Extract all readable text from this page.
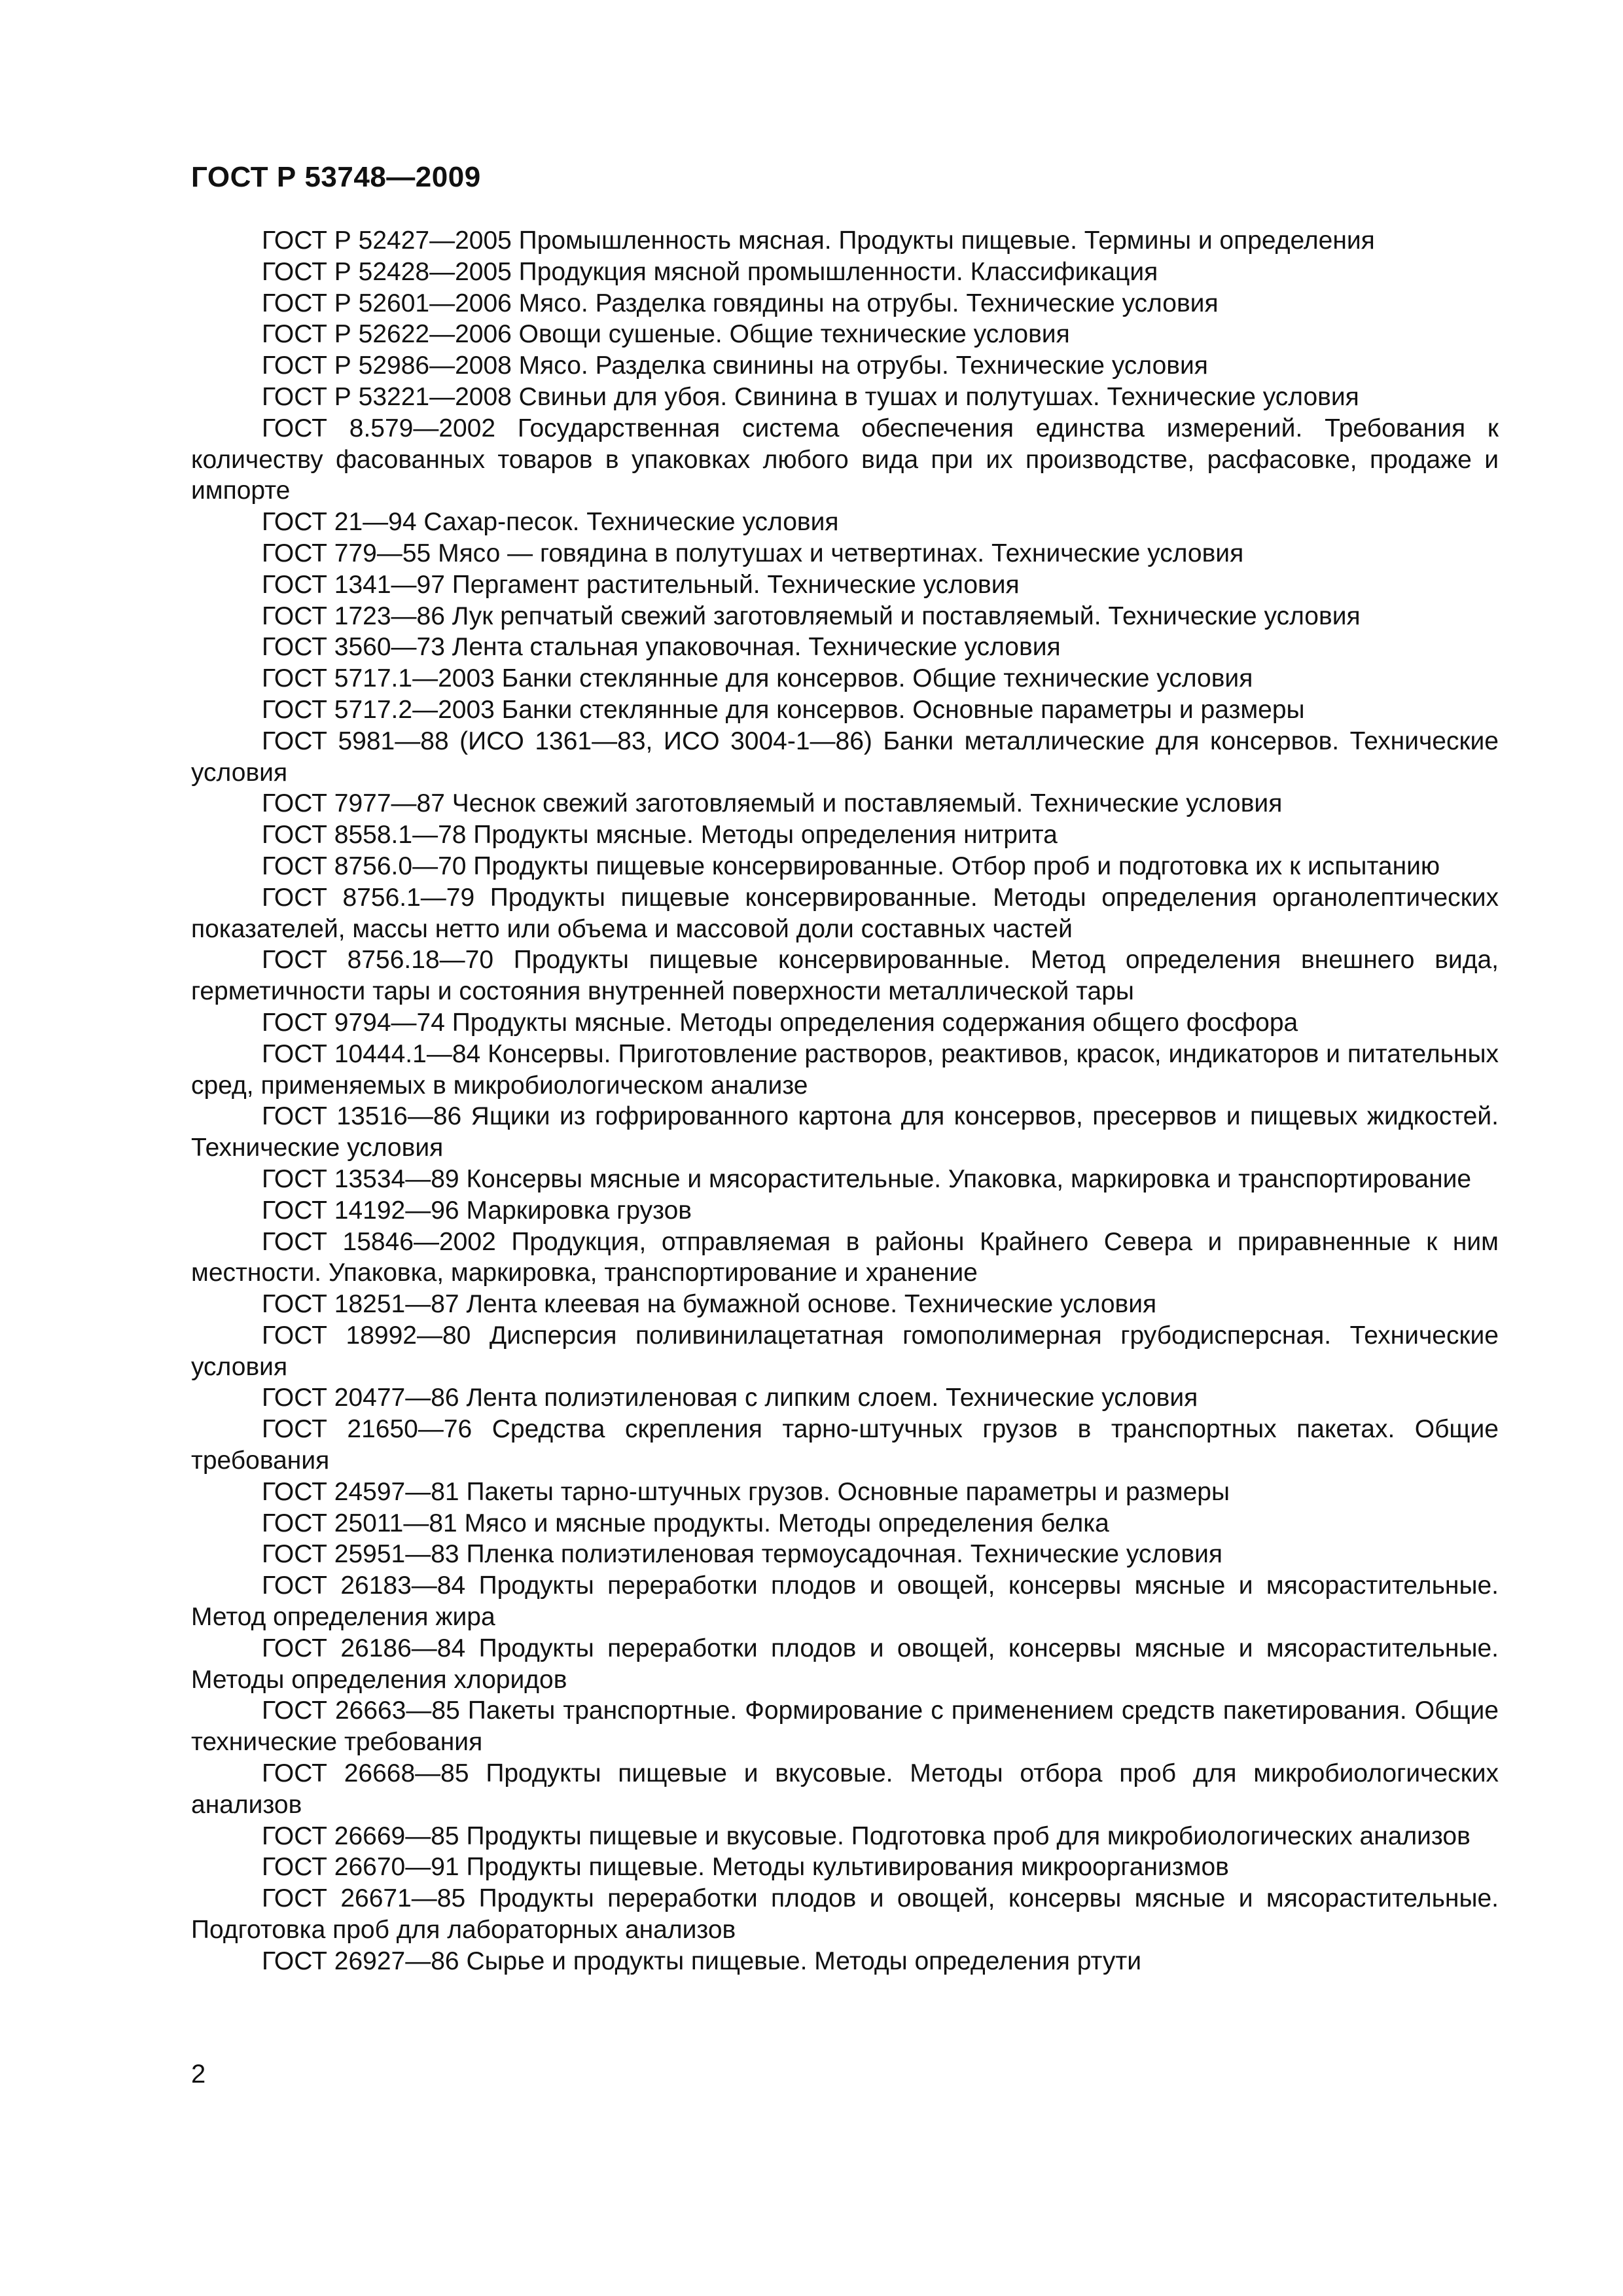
ГОСТ Р 53748—2009
ГОСТ Р 52427—2005 Промышленность мясная. Продукты пищевые. Термины и определения
ГОСТ Р 52428—2005 Продукция мясной промышленности. Классификация
ГОСТ Р 52601—2006 Мясо. Разделка говядины на отрубы. Технические условия
ГОСТ Р 52622—2006 Овощи сушеные. Общие технические условия
ГОСТ Р 52986—2008 Мясо. Разделка свинины на отрубы. Технические условия
ГОСТ Р 53221—2008 Свиньи для убоя. Свинина в тушах и полутушах. Технические условия
ГОСТ 8.579—2002 Государственная система обеспечения единства измерений. Требования к количеству фасованных товаров в упаковках любого вида при их производстве, расфасовке, продаже и импорте
ГОСТ 21—94 Сахар-песок. Технические условия
ГОСТ 779—55 Мясо — говядина в полутушах и четвертинах. Технические условия
ГОСТ 1341—97 Пергамент растительный. Технические условия
ГОСТ 1723—86 Лук репчатый свежий заготовляемый и поставляемый. Технические условия
ГОСТ 3560—73 Лента стальная упаковочная. Технические условия
ГОСТ 5717.1—2003 Банки стеклянные для консервов. Общие технические условия
ГОСТ 5717.2—2003 Банки стеклянные для консервов. Основные параметры и размеры
ГОСТ 5981—88 (ИСО 1361—83, ИСО 3004-1—86) Банки металлические для консервов. Технические условия
ГОСТ 7977—87 Чеснок свежий заготовляемый и поставляемый. Технические условия
ГОСТ 8558.1—78 Продукты мясные. Методы определения нитрита
ГОСТ 8756.0—70 Продукты пищевые консервированные. Отбор проб и подготовка их к испытанию
ГОСТ 8756.1—79 Продукты пищевые консервированные. Методы определения органолептических показателей, массы нетто или объема и массовой доли составных частей
ГОСТ 8756.18—70 Продукты пищевые консервированные. Метод определения внешнего вида, герметичности тары и состояния внутренней поверхности металлической тары
ГОСТ 9794—74 Продукты мясные. Методы определения содержания общего фосфора
ГОСТ 10444.1—84 Консервы. Приготовление растворов, реактивов, красок, индикаторов и питательных сред, применяемых в микробиологическом анализе
ГОСТ 13516—86 Ящики из гофрированного картона для консервов, пресервов и пищевых жидкостей. Технические условия
ГОСТ 13534—89 Консервы мясные и мясорастительные. Упаковка, маркировка и транспортирование
ГОСТ 14192—96 Маркировка грузов
ГОСТ 15846—2002 Продукция, отправляемая в районы Крайнего Севера и приравненные к ним местности. Упаковка, маркировка, транспортирование и хранение
ГОСТ 18251—87 Лента клеевая на бумажной основе. Технические условия
ГОСТ 18992—80 Дисперсия поливинилацетатная гомополимерная грубодисперсная. Технические условия
ГОСТ 20477—86 Лента полиэтиленовая с липким слоем. Технические условия
ГОСТ 21650—76 Средства скрепления тарно-штучных грузов в транспортных пакетах. Общие требования
ГОСТ 24597—81 Пакеты тарно-штучных грузов. Основные параметры и размеры
ГОСТ 25011—81 Мясо и мясные продукты. Методы определения белка
ГОСТ 25951—83 Пленка полиэтиленовая термоусадочная. Технические условия
ГОСТ 26183—84 Продукты переработки плодов и овощей, консервы мясные и мясорастительные. Метод определения жира
ГОСТ 26186—84 Продукты переработки плодов и овощей, консервы мясные и мясорастительные. Методы определения хлоридов
ГОСТ 26663—85 Пакеты транспортные. Формирование с применением средств пакетирования. Общие технические требования
ГОСТ 26668—85 Продукты пищевые и вкусовые. Методы отбора проб для микробиологических анализов
ГОСТ 26669—85 Продукты пищевые и вкусовые. Подготовка проб для микробиологических анализов
ГОСТ 26670—91 Продукты пищевые. Методы культивирования микроорганизмов
ГОСТ 26671—85 Продукты переработки плодов и овощей, консервы мясные и мясорастительные. Подготовка проб для лабораторных анализов
ГОСТ 26927—86 Сырье и продукты пищевые. Методы определения ртути
2
